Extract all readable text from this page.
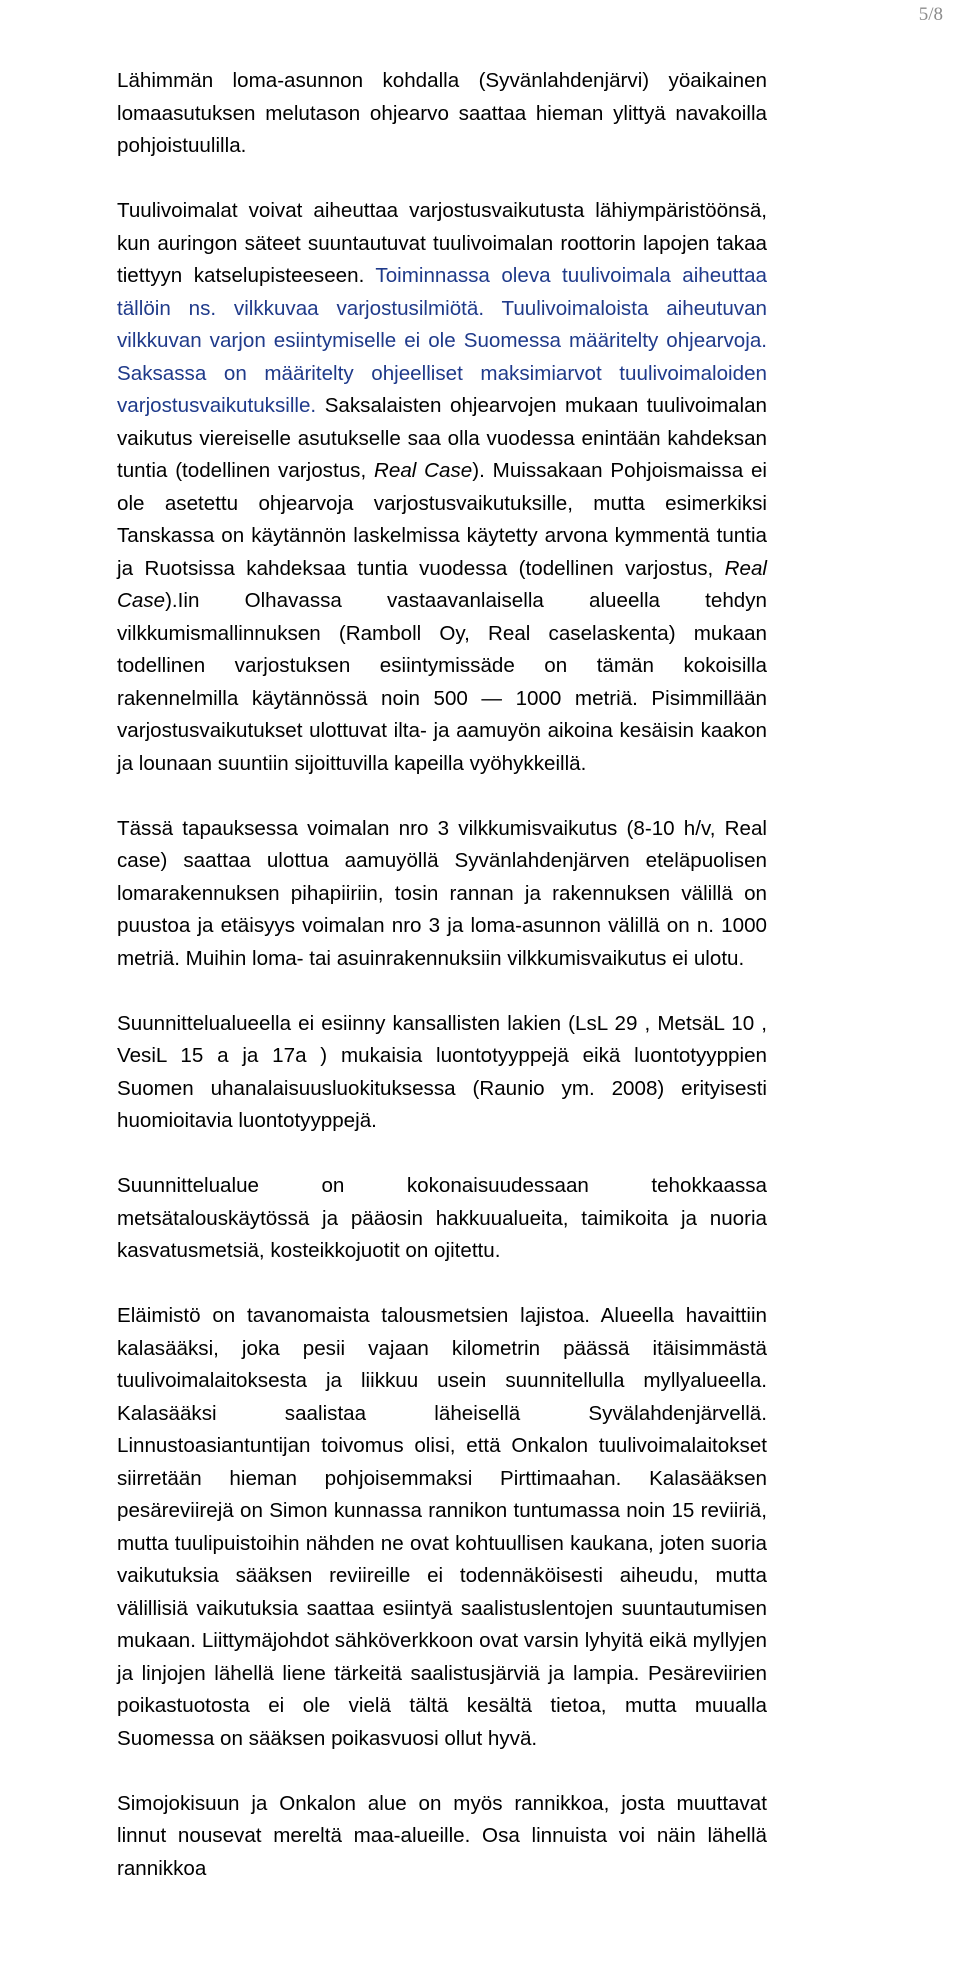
5/8

Lähimmän loma-asunnon kohdalla (Syvänlahdenjärvi) yöaikainen lomaasutuksen melutason ohjearvo saattaa hieman ylittyä navakoilla pohjoistuulilla.

Tuulivoimalat voivat aiheuttaa varjostusvaikutusta lähiympäristöönsä, kun auringon säteet suuntautuvat tuulivoimalan roottorin lapojen takaa tiettyyn katselupisteeseen. Toiminnassa oleva tuulivoimala aiheuttaa tällöin ns. vilkkuvaa varjostusilmiötä. Tuulivoimaloista aiheutuvan vilkkuvan varjon esiintymiselle ei ole Suomessa määritelty ohjearvoja. Saksassa on määritelty ohjeelliset maksimiarvot tuulivoimaloiden varjostusvaikutuksille. Saksalaisten ohjearvojen mukaan tuulivoimalan vaikutus viereiselle asutukselle saa olla vuodessa enintään kahdeksan tuntia (todellinen varjostus, Real Case). Muissakaan Pohjoismaissa ei ole asetettu ohjearvoja varjostusvaikutuksille, mutta esimerkiksi Tanskassa on käytännön laskelmissa käytetty arvona kymmentä tuntia ja Ruotsissa kahdeksaa tuntia vuodessa (todellinen varjostus, Real Case).Iin Olhavassa vastaavanlaisella alueella tehdyn vilkkumismallinnuksen (Ramboll Oy, Real caselaskenta) mukaan todellinen varjostuksen esiintymissäde on tämän kokoisilla rakennelmilla käytännössä noin 500 — 1000 metriä. Pisimmillään varjostusvaikutukset ulottuvat ilta- ja aamuyön aikoina kesäisin kaakon ja lounaan suuntiin sijoittuvilla kapeilla vyöhykkeillä.

Tässä tapauksessa voimalan nro 3 vilkkumisvaikutus (8-10 h/v, Real case) saattaa ulottua aamuyöllä Syvänlahdenjärven eteläpuolisen lomarakennuksen pihapiiriin, tosin rannan ja rakennuksen välillä on puustoa ja etäisyys voimalan nro 3 ja loma-asunnon välillä on n. 1000 metriä. Muihin loma- tai asuinrakennuksiin vilkkumisvaikutus ei ulotu.

Suunnittelualueella ei esiinny kansallisten lakien (LsL 29 , MetsäL 10 , VesiL 15 a ja 17a ) mukaisia luontotyyppejä eikä luontotyyppien Suomen uhanalaisuusluokituksessa (Raunio ym. 2008) erityisesti huomioitavia luontotyyppejä.

Suunnittelualue on kokonaisuudessaan tehokkaassa metsätalouskäytössä ja pääosin hakkuualueita, taimikoita ja nuoria kasvatusmetsiä, kosteikkojuotit on ojitettu.

Eläimistö on tavanomaista talousmetsien lajistoa. Alueella havaittiin kalasääksi, joka pesii vajaan kilometrin päässä itäisimmästä tuulivoimalaitoksesta ja liikkuu usein suunnitellulla myllyalueella. Kalasääksi saalistaa läheisellä Syvälahdenjärvellä. Linnustoasiantuntijan toivomus olisi, että Onkalon tuulivoimalaitokset siirretään hieman pohjoisemmaksi Pirttimaahan. Kalasääksen pesäreviirejä on Simon kunnassa rannikon tuntumassa noin 15 reviiriä, mutta tuulipuistoihin nähden ne ovat kohtuullisen kaukana, joten suoria vaikutuksia sääksen reviireille ei todennäköisesti aiheudu, mutta välillisiä vaikutuksia saattaa esiintyä saalistuslentojen suuntautumisen mukaan. Liittymäjohdot sähköverkkoon ovat varsin lyhyitä eikä myllyjen ja linjojen lähellä liene tärkeitä saalistusjärviä ja lampia. Pesäreviirien poikastuotosta ei ole vielä tältä kesältä tietoa, mutta muualla Suomessa on sääksen poikasvuosi ollut hyvä.

Simojokisuun ja Onkalon alue on myös rannikkoa, josta muuttavat linnut nousevat mereltä maa-alueille. Osa linnuista voi näin lähellä rannikkoa
